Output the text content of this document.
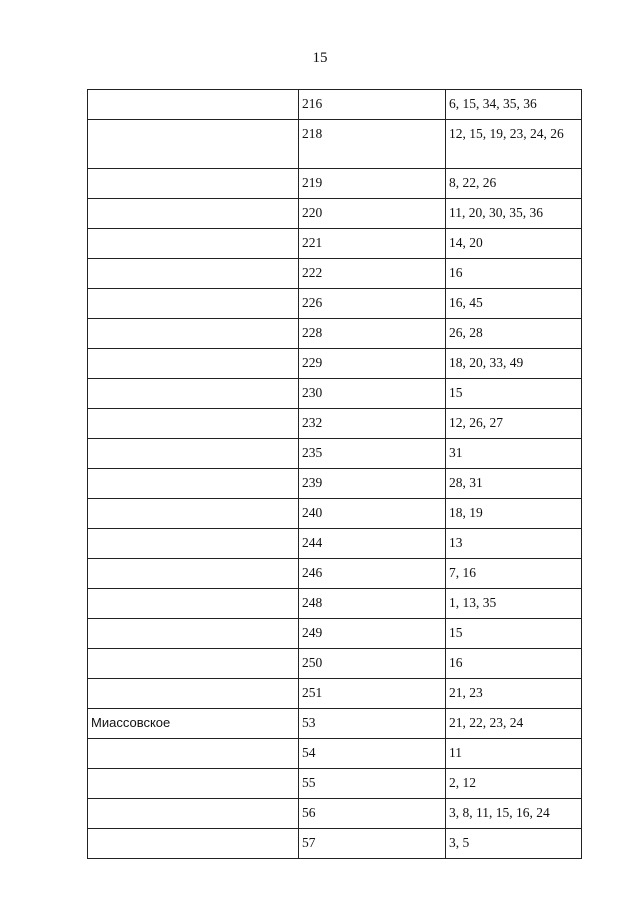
15
	216	6, 15, 34, 35, 36
	218	12, 15, 19, 23, 24, 26
	219	8, 22, 26
	220	11, 20, 30, 35, 36
	221	14, 20
	222	16
	226	16, 45
	228	26, 28
	229	18, 20, 33, 49
	230	15
	232	12, 26, 27
	235	31
	239	28, 31
	240	18, 19
	244	13
	246	7, 16
	248	1, 13, 35
	249	15
	250	16
	251	21, 23
Миассовское	53	21, 22, 23, 24
	54	11
	55	2, 12
	56	3, 8, 11, 15, 16, 24
	57	3, 5
